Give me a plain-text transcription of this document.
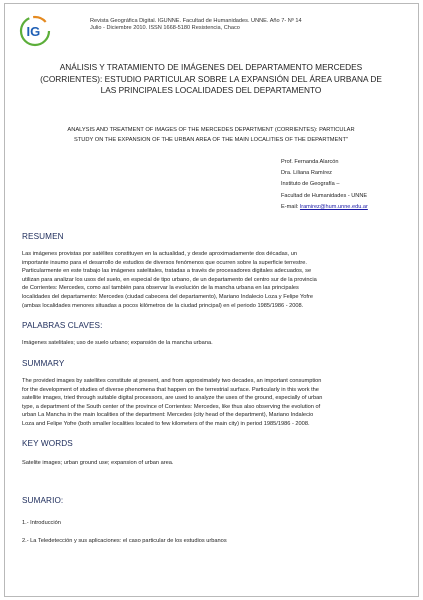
IG
Revista Geográfica Digital. IGUNNE. Facultad de Humanidades. UNNE. Año 7- Nº 14
Julio - Diciembre 2010. ISSN 1668-5180 Resistencia, Chaco
ANÁLISIS Y TRATAMIENTO DE IMÁGENES DEL DEPARTAMENTO MERCEDES
(CORRIENTES): ESTUDIO PARTICULAR SOBRE LA EXPANSIÓN DEL ÁREA URBANA DE
LAS PRINCIPALES LOCALIDADES DEL DEPARTAMENTO
ANALYSIS AND TREATMENT OF IMAGES OF THE MERCEDES DEPARTMENT (CORRIENTES): PARTICULAR
STUDY ON THE EXPANSION OF THE URBAN AREA OF THE MAIN LOCALITIES OF THE DEPARTMENT"
Prof. Fernanda Alarcón
Dra. Liliana Ramírez
Instituto de Geografía –
Facultad de Humanidades - UNNE
E-mail: lramirez@hum.unne.edu.ar
RESUMEN
Las imágenes provistas por satélites constituyen en la actualidad, y desde aproximadamente dos décadas, un
importante insumo para el desarrollo de estudios de diversos fenómenos que ocurren sobre la superficie terrestre.
Particularmente en este trabajo las imágenes satelitales, tratadas a través de procesadores digitales adecuados, se
utilizan para analizar los usos del suelo, en especial de tipo urbano, de un departamento del centro sur de la provincia
de Corrientes: Mercedes, como así también para observar la evolución de la mancha urbana en las principales
localidades del departamento: Mercedes (ciudad cabecera del departamento), Mariano Indalecio Loza y Felipe Yofre
(ambas localidades menores situadas a pocos kilómetros de la ciudad principal) en el periodo 1985/1986 - 2008.
PALABRAS CLAVES:
Imágenes satelitales; uso de suelo urbano; expansión de la mancha urbana.
SUMMARY
The provided images by satellites constitute at present, and from approximately two decades, an important consumption
for the development of studies of diverse phenomena that happen on the terrestrial surface. Particularly in this work the
satellite images, tried through suitable digital processors, are used to analyze the uses of the ground, especially of urban
type, a department of the South center of the province of Corrientes: Mercedes, like thus also observing the evolution of
urban La Mancha in the main localities of the department: Mercedes (city head of the department), Mariano Indalecio
Loza and Felipe Yofre (both smaller localities located to few kilometers of the main city) in period 1985/1986 - 2008.
KEY WORDS
Satelite images; urban ground use; expansion of urban area.
SUMARIO:
1.- Introducción
2.- La Teledetección y sus aplicaciones: el caso particular de los estudios urbanos
